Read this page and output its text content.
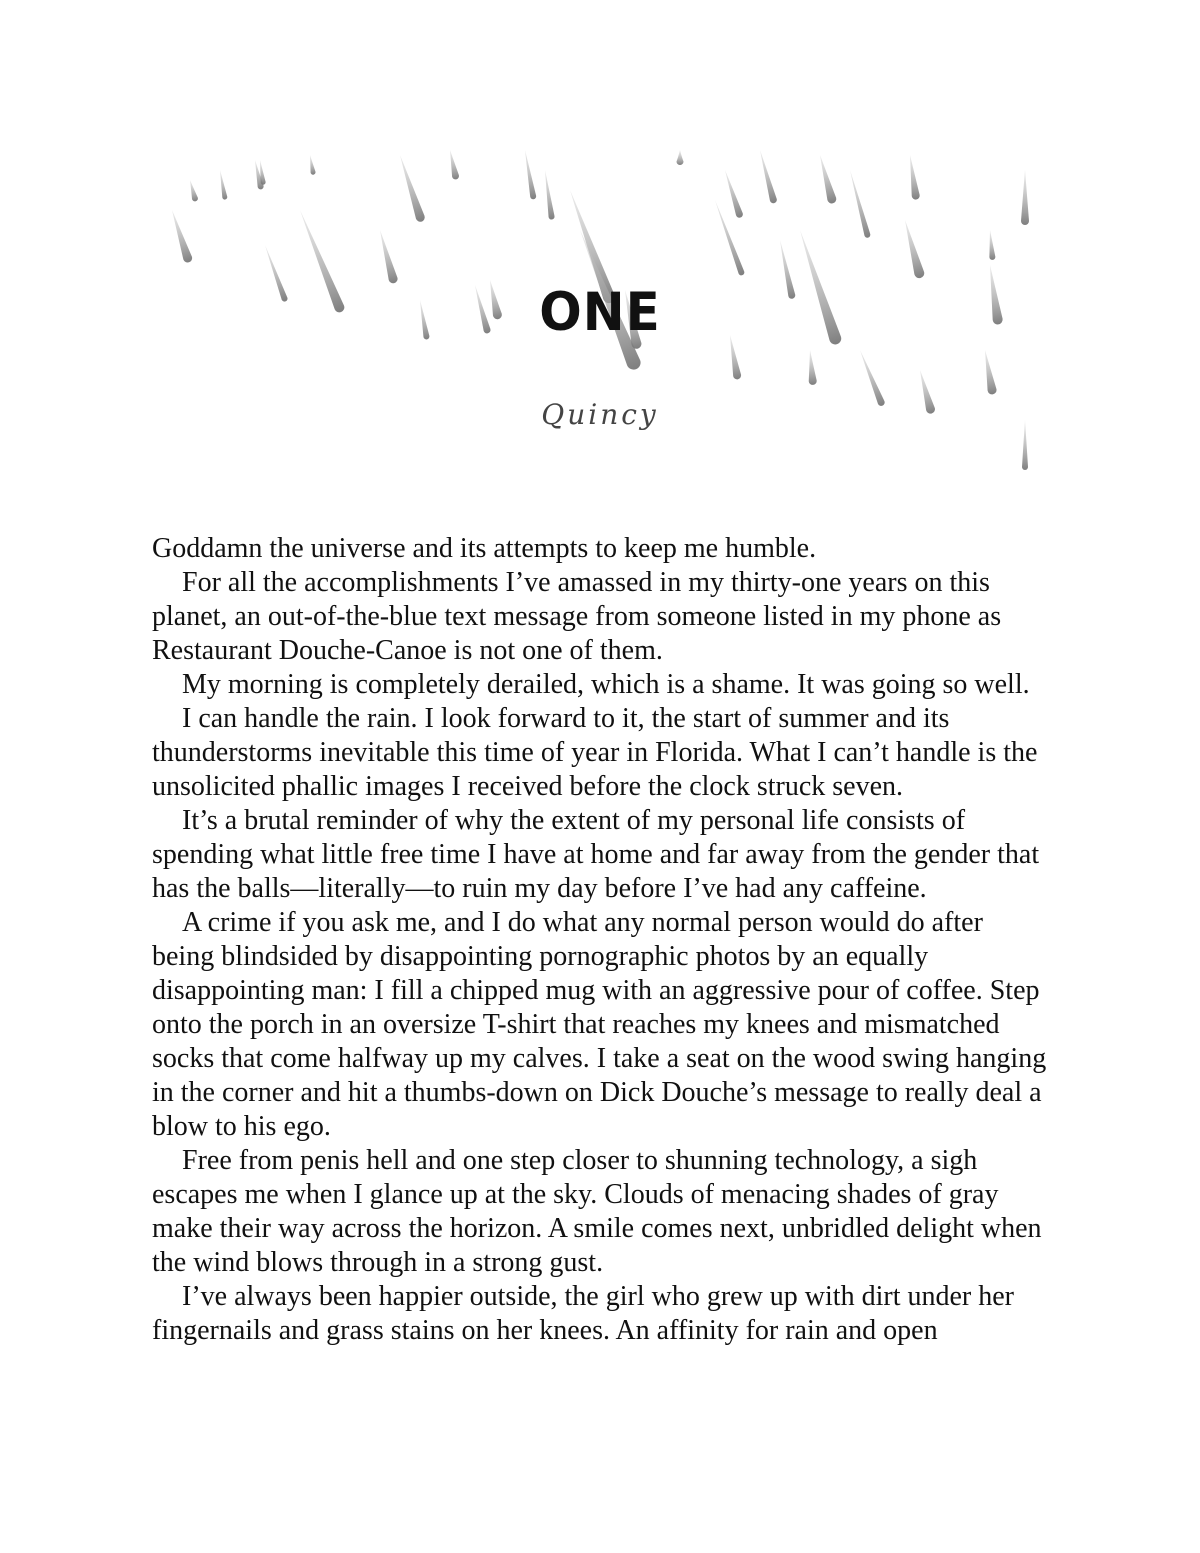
ONE
Quincy

Goddamn the universe and its attempts to keep me humble.

For all the accomplishments I’ve amassed in my thirty-one years on this planet, an out-of-the-blue text message from someone listed in my phone as Restaurant Douche-Canoe is not one of them.

My morning is completely derailed, which is a shame. It was going so well.

I can handle the rain. I look forward to it, the start of summer and its thunderstorms inevitable this time of year in Florida. What I can’t handle is the unsolicited phallic images I received before the clock struck seven.

It’s a brutal reminder of why the extent of my personal life consists of spending what little free time I have at home and far away from the gender that has the balls—literally—to ruin my day before I’ve had any caffeine.

A crime if you ask me, and I do what any normal person would do after being blindsided by disappointing pornographic photos by an equally disappointing man: I fill a chipped mug with an aggressive pour of coffee. Step onto the porch in an oversize T-shirt that reaches my knees and mismatched socks that come halfway up my calves. I take a seat on the wood swing hanging in the corner and hit a thumbs-down on Dick Douche’s message to really deal a blow to his ego.

Free from penis hell and one step closer to shunning technology, a sigh escapes me when I glance up at the sky. Clouds of menacing shades of gray make their way across the horizon. A smile comes next, unbridled delight when the wind blows through in a strong gust.

I’ve always been happier outside, the girl who grew up with dirt under her fingernails and grass stains on her knees. An affinity for rain and open
